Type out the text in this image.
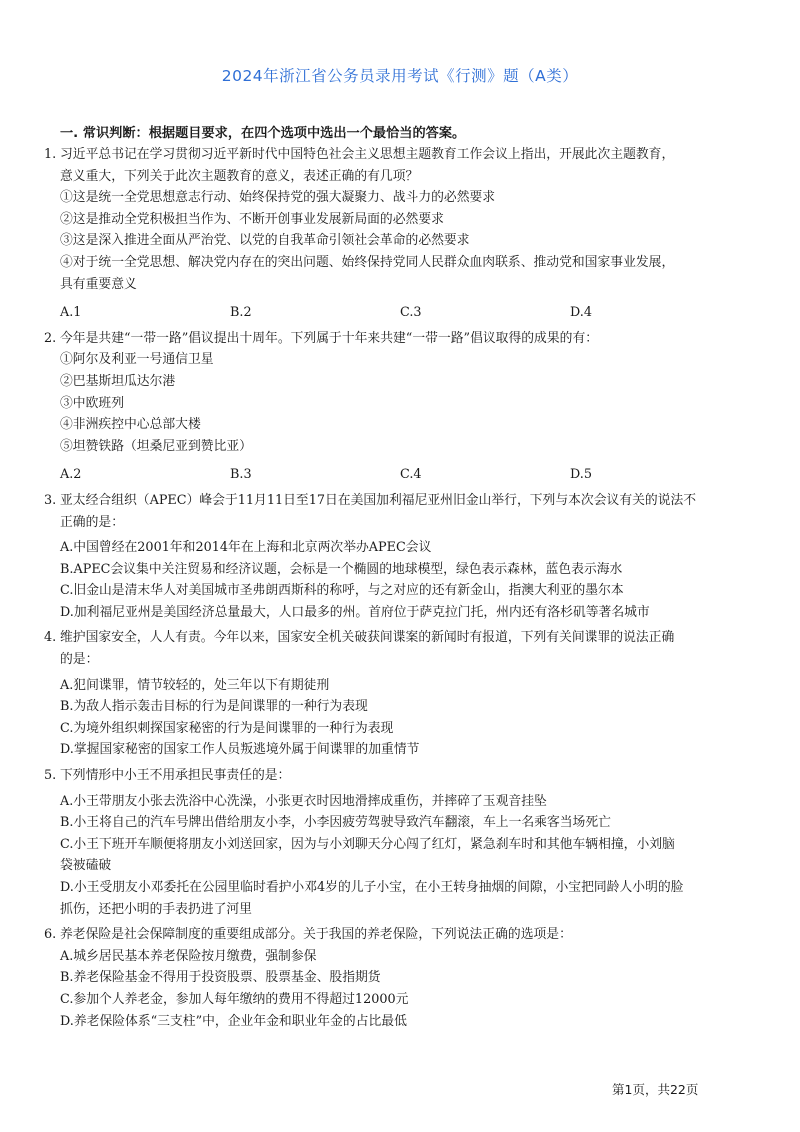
2024年浙江省公务员录用考试《行测》题（A类）
一. 常识判断：根据题目要求，在四个选项中选出一个最恰当的答案。
1. 习近平总书记在学习贯彻习近平新时代中国特色社会主义思想主题教育工作会议上指出，开展此次主题教育，
意义重大，下列关于此次主题教育的意义，表述正确的有几项？
①这是统一全党思想意志行动、始终保持党的强大凝聚力、战斗力的必然要求
②这是推动全党积极担当作为、不断开创事业发展新局面的必然要求
③这是深入推进全面从严治党、以党的自我革命引领社会革命的必然要求
④对于统一全党思想、解决党内存在的突出问题、始终保持党同人民群众血肉联系、推动党和国家事业发展，
具有重要意义
A.1	B.2	C.3	D.4
2. 今年是共建“一带一路”倡议提出十周年。下列属于十年来共建“一带一路”倡议取得的成果的有：
①阿尔及利亚一号通信卫星
②巴基斯坦瓜达尔港
③中欧班列
④非洲疾控中心总部大楼
⑤坦赞铁路（坦桑尼亚到赞比亚）
A.2	B.3	C.4	D.5
3. 亚太经合组织（APEC）峰会于11月11日至17日在美国加利福尼亚州旧金山举行，下列与本次会议有关的说法不
正确的是：
A.中国曾经在2001年和2014年在上海和北京两次举办APEC会议
B.APEC会议集中关注贸易和经济议题，会标是一个椭圆的地球模型，绿色表示森林，蓝色表示海水
C.旧金山是清末华人对美国城市圣弗朗西斯科的称呼，与之对应的还有新金山，指澳大利亚的墨尔本
D.加利福尼亚州是美国经济总量最大，人口最多的州。首府位于萨克拉门托，州内还有洛杉矶等著名城市
4. 维护国家安全，人人有责。今年以来，国家安全机关破获间谍案的新闻时有报道，下列有关间谍罪的说法正确
的是：
A.犯间谍罪，情节较轻的，处三年以下有期徒刑
B.为敌人指示轰击目标的行为是间谍罪的一种行为表现
C.为境外组织刺探国家秘密的行为是间谍罪的一种行为表现
D.掌握国家秘密的国家工作人员叛逃境外属于间谍罪的加重情节
5. 下列情形中小王不用承担民事责任的是：
A.小王带朋友小张去洗浴中心洗澡，小张更衣时因地滑摔成重伤，并摔碎了玉观音挂坠
B.小王将自己的汽车号牌出借给朋友小李，小李因疲劳驾驶导致汽车翻滚，车上一名乘客当场死亡
C.小王下班开车顺便将朋友小刘送回家，因为与小刘聊天分心闯了红灯，紧急刹车时和其他车辆相撞，小刘脑
袋被磕破
D.小王受朋友小邓委托在公园里临时看护小邓4岁的儿子小宝，在小王转身抽烟的间隙，小宝把同龄人小明的脸
抓伤，还把小明的手表扔进了河里
6. 养老保险是社会保障制度的重要组成部分。关于我国的养老保险，下列说法正确的选项是：
A.城乡居民基本养老保险按月缴费，强制参保
B.养老保险基金不得用于投资股票、股票基金、股指期货
C.参加个人养老金，参加人每年缴纳的费用不得超过12000元
D.养老保险体系“三支柱”中，企业年金和职业年金的占比最低
第1页，共22页
